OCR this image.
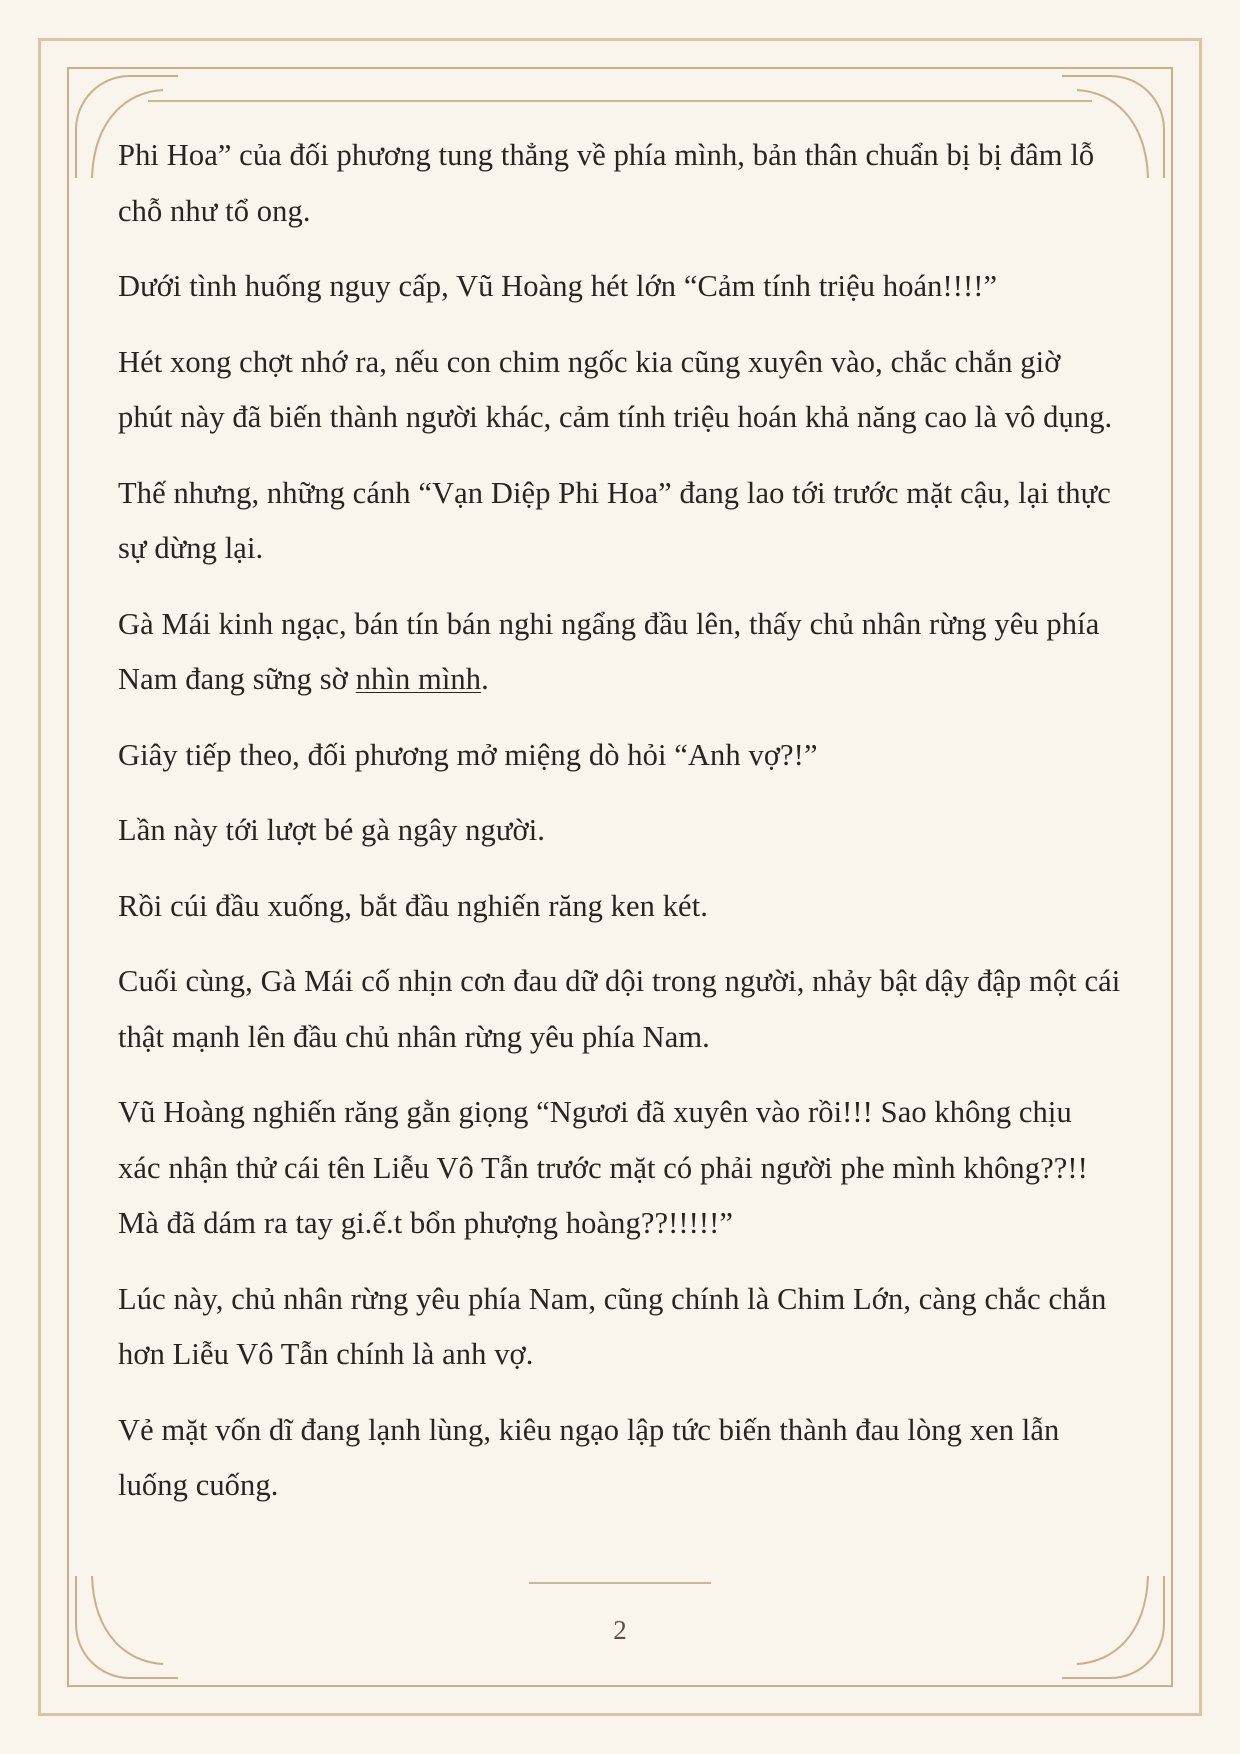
Phi Hoa” của đối phương tung thẳng về phía mình, bản thân chuẩn bị bị đâm lỗ chỗ như tổ ong.

Dưới tình huống nguy cấp, Vũ Hoàng hét lớn “Cảm tính triệu hoán!!!!”

Hét xong chợt nhớ ra, nếu con chim ngốc kia cũng xuyên vào, chắc chắn giờ phút này đã biến thành người khác, cảm tính triệu hoán khả năng cao là vô dụng.

Thế nhưng, những cánh “Vạn Diệp Phi Hoa” đang lao tới trước mặt cậu, lại thực sự dừng lại.

Gà Mái kinh ngạc, bán tín bán nghi ngẩng đầu lên, thấy chủ nhân rừng yêu phía Nam đang sững sờ nhìn mình.

Giây tiếp theo, đối phương mở miệng dò hỏi “Anh vợ?!”

Lần này tới lượt bé gà ngây người.

Rồi cúi đầu xuống, bắt đầu nghiến răng ken két.

Cuối cùng, Gà Mái cố nhịn cơn đau dữ dội trong người, nhảy bật dậy đập một cái thật mạnh lên đầu chủ nhân rừng yêu phía Nam.

Vũ Hoàng nghiến răng gằn giọng “Ngươi đã xuyên vào rồi!!! Sao không chịu xác nhận thử cái tên Liễu Vô Tẫn trước mặt có phải người phe mình không??!! Mà đã dám ra tay gi.ế.t bổn phượng hoàng??!!!!!”

Lúc này, chủ nhân rừng yêu phía Nam, cũng chính là Chim Lớn, càng chắc chắn hơn Liễu Vô Tẫn chính là anh vợ.

Vẻ mặt vốn dĩ đang lạnh lùng, kiêu ngạo lập tức biến thành đau lòng xen lẫn luống cuống.

2
